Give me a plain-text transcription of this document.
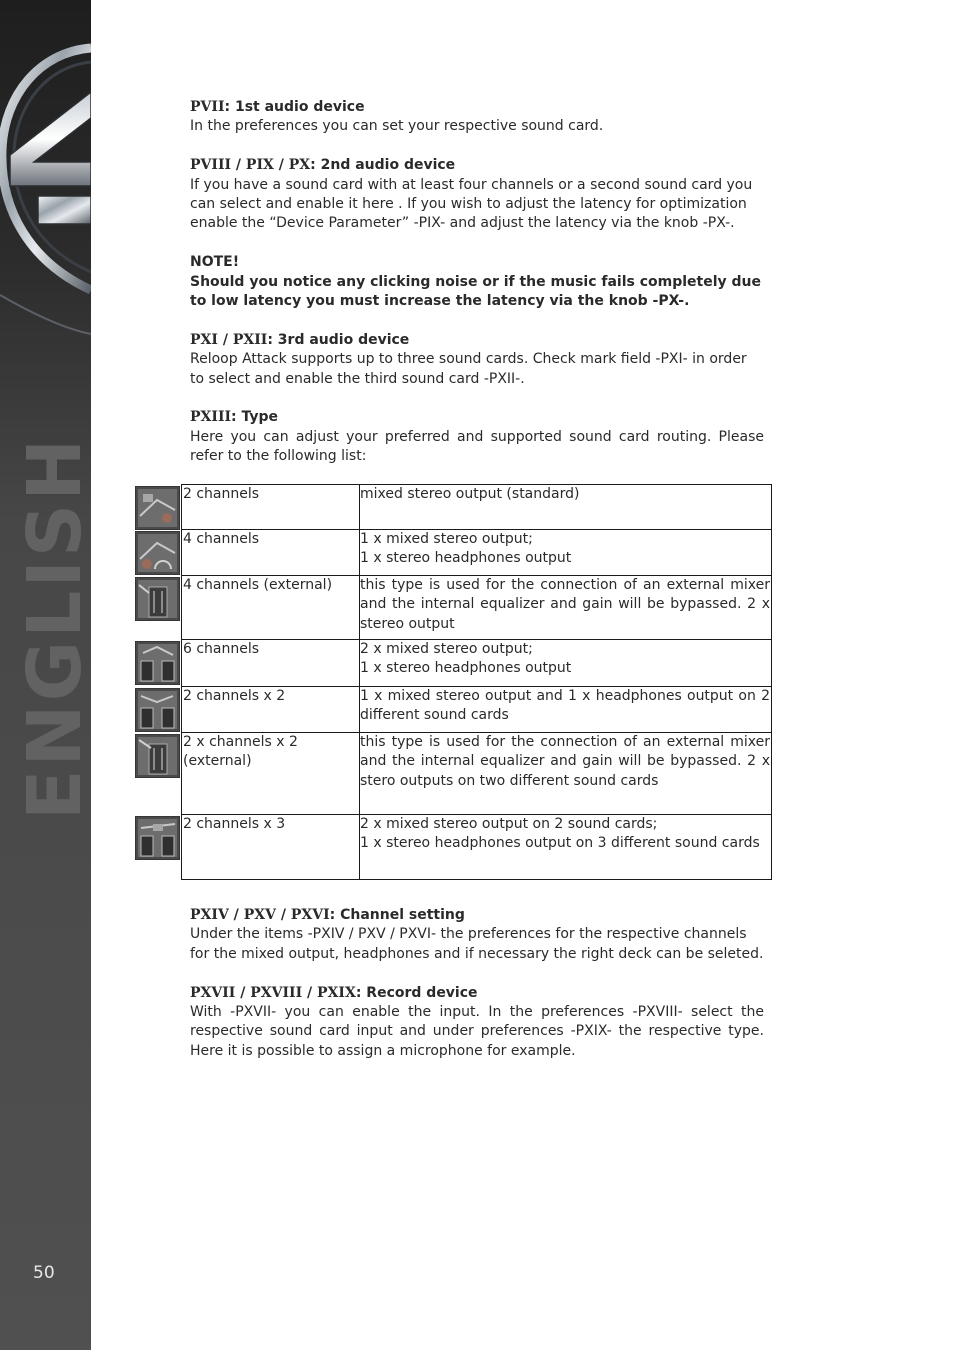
ENGLISH
50

PVII: 1st audio device

In the preferences you can set your respective sound card.

PVIII / PIX / PX: 2nd audio device

If you have a sound card with at least four channels or a second sound card you can select and enable it here . If you wish to adjust the latency for optimization enable the “Device Parameter” -PIX- and adjust the latency via the knob -PX-.

NOTE!

Should you notice any clicking noise or if the music fails completely due to low latency you must increase the latency via the knob -PX-.

PXI / PXII: 3rd audio device

Reloop Attack supports up to three sound cards. Check mark field -PXI- in order to select and enable the third sound card -PXII-.

PXIII: Type

Here you can adjust your preferred and supported sound card routing. Please refer to the following list:

	2 channels	mixed stereo output (standard)

	4 channels	1 x mixed stereo output;
1 x stereo headphones output

	4 channels (external)	this type is used for the connection of an external mixer and the internal equalizer and gain will be bypassed. 2 x stereo output

	6 channels	2 x mixed stereo output;
1 x stereo headphones output

	2 channels x 2	1 x mixed stereo output and 1 x headphones output on 2 different sound cards

	2 x channels x 2 (external)	this type is used for the connection of an external mixer and the internal equalizer and gain will be bypassed. 2 x stero outputs on two different sound cards

	2 channels x 3	2 x mixed stereo output on 2 sound cards;
1 x stereo headphones output on 3 different sound cards

PXIV / PXV / PXVI: Channel setting

Under the items -PXIV / PXV / PXVI- the preferences for the respective channels for the mixed output, headphones and if necessary the right deck can be seleted.

PXVII / PXVIII / PXIX: Record device

With -PXVII- you can enable the input. In the preferences -PXVIII- select the respective sound card input and under preferences -PXIX- the respective type. Here it is possible to assign a microphone for example.
